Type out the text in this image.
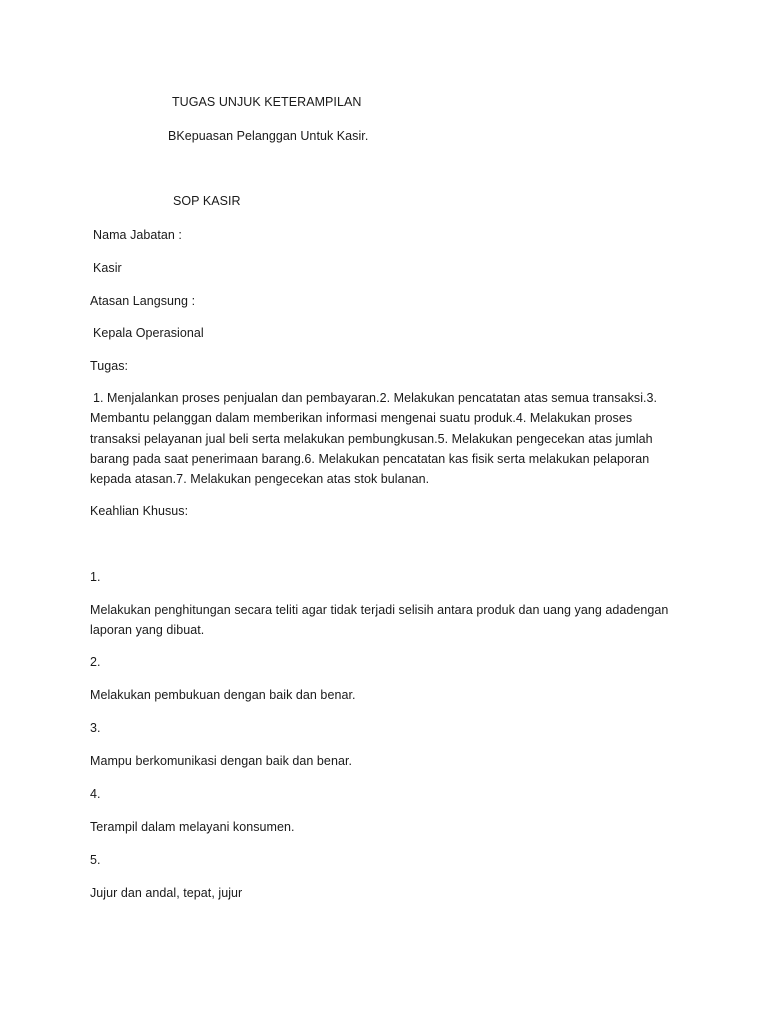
TUGAS UNJUK KETERAMPILAN
BKepuasan Pelanggan Untuk Kasir.
SOP KASIR
Nama Jabatan :
Kasir
Atasan Langsung :
Kepala Operasional
Tugas:
1. Menjalankan proses penjualan dan pembayaran.2. Melakukan pencatatan atas semua transaksi.3.
Membantu pelanggan dalam memberikan informasi mengenai suatu produk.4. Melakukan proses
transaksi pelayanan jual beli serta melakukan pembungkusan.5. Melakukan pengecekan atas jumlah
barang pada saat penerimaan barang.6. Melakukan pencatatan kas fisik serta melakukan pelaporan
kepada atasan.7. Melakukan pengecekan atas stok bulanan.
Keahlian Khusus:
1.
Melakukan penghitungan secara teliti agar tidak terjadi selisih antara produk dan uang yang adadengan
laporan yang dibuat.
2.
Melakukan pembukuan dengan baik dan benar.
3.
Mampu berkomunikasi dengan baik dan benar.
4.
Terampil dalam melayani konsumen.
5.
Jujur dan andal, tepat, jujur
